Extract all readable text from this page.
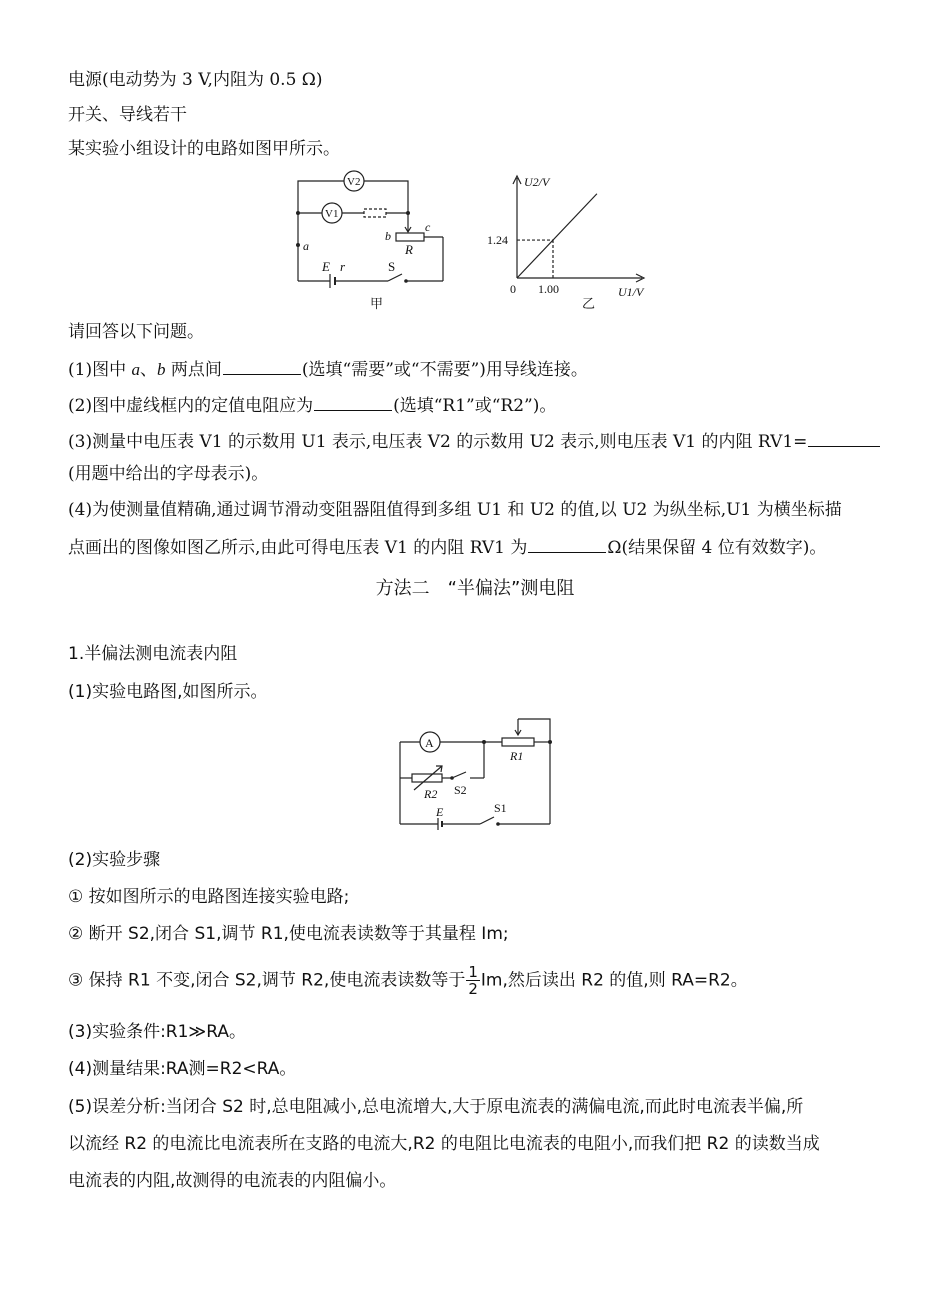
电源(电动势为 3 V,内阻为 0.5 Ω)
开关、导线若干
某实验小组设计的电路如图甲所示。
V2
V1
a
b
c
R
E r	S
甲
U2/V
U1/V
0
1.24
1.00
乙
请回答以下问题。
(1)图中 a、b 两点间	(选填“需要”或“不需要”)用导线连接。
(2)图中虚线框内的定值电阻应为	(选填“R1”或“R2”)。
(3)测量中电压表 V1 的示数用 U1 表示,电压表 V2 的示数用 U2 表示,则电压表 V1 的内阻 RV1=
(用题中给出的字母表示)。
(4)为使测量值精确,通过调节滑动变阻器阻值得到多组 U1 和 U2 的值,以 U2 为纵坐标,U1 为横坐标描
点画出的图像如图乙所示,由此可得电压表 V1 的内阻 RV1 为	Ω(结果保留 4 位有效数字)。
方法二　“半偏法”测电阻
1.半偏法测电流表内阻
(1)实验电路图,如图所示。
A
R1
R2 S2
E	S1
(2)实验步骤
① 按如图所示的电路图连接实验电路;
② 断开 S2,闭合 S1,调节 R1,使电流表读数等于其量程 Im;
③ 保持 R1 不变,闭合 S2,调节 R2,使电流表读数等于 $\frac{1}{2} Im$,然后读出 R2 的值,则 RA=R2。
(3)实验条件:R1≫RA。
(4)测量结果:RA测=R2<RA。
(5)误差分析:当闭合 S2 时,总电阻减小,总电流增大,大于原电流表的满偏电流,而此时电流表半偏,所
以流经 R2 的电流比电流表所在支路的电流大,R2 的电阻比电流表的电阻小,而我们把 R2 的读数当成
电流表的内阻,故测得的电流表的内阻偏小。
